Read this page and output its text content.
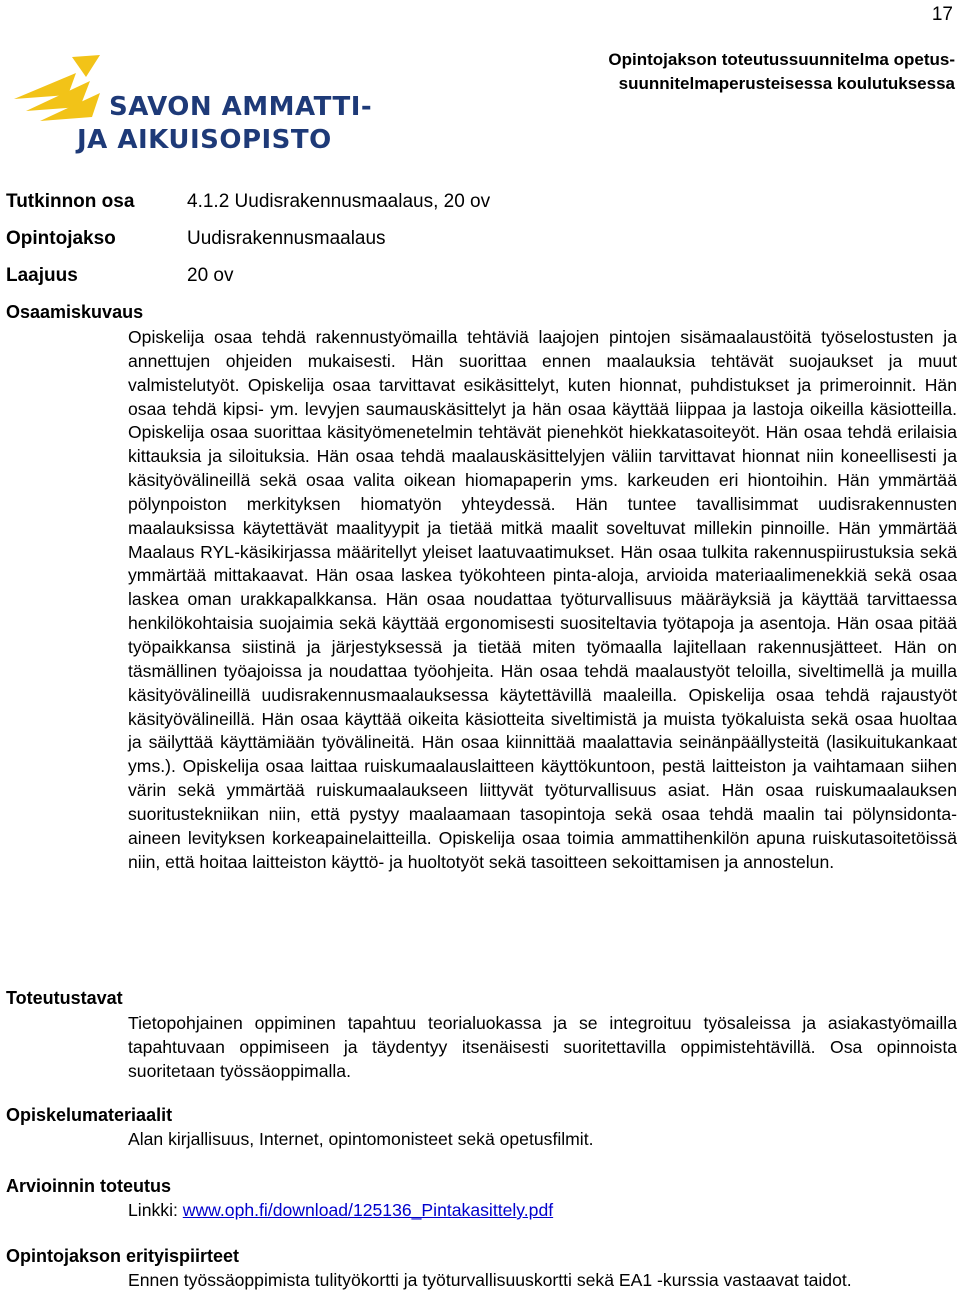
17
Opintojakson toteutussuunnitelma opetus-
suunnitelmaperusteisessa koulutuksessa
SAVON AMMATTI-
JA AIKUISOPISTO
Tutkinnon osa	4.1.2 Uudisrakennusmaalaus, 20 ov
Opintojakso	Uudisrakennusmaalaus
Laajuus	20 ov
Osaamiskuvaus
Opiskelija osaa tehdä rakennustyömailla tehtäviä laajojen pintojen sisämaalaustöitä työselostusten ja annettujen ohjeiden mukaisesti. Hän suorittaa ennen maalauksia tehtävät suojaukset ja muut valmistelutyöt. Opiskelija osaa tarvittavat esikäsittelyt, kuten hionnat, puhdistukset ja primeroinnit. Hän osaa tehdä kipsi- ym. levyjen saumauskäsittelyt ja hän osaa käyttää liippaa ja lastoja oikeilla käsiotteilla. Opiskelija osaa suorittaa käsityömenetelmin tehtävät pienehköt hiekkatasoiteyöt. Hän osaa tehdä erilaisia kittauksia ja siloituksia. Hän osaa tehdä maalauskäsittelyjen väliin tarvittavat hionnat niin koneellisesti ja käsityövälineillä sekä osaa valita oikean hiomapaperin yms. karkeuden eri hiontoihin. Hän ymmärtää pölynpoiston merkityksen hiomatyön yhteydessä. Hän tuntee tavallisimmat uudisrakennusten maalauksissa käytettävät maalityypit ja tietää mitkä maalit soveltuvat millekin pinnoille. Hän ymmärtää Maalaus RYL-käsikirjassa määritellyt yleiset laatuvaatimukset. Hän osaa tulkita rakennuspiirustuksia sekä ymmärtää mittakaavat. Hän osaa laskea työkohteen pinta-aloja, arvioida materiaalimenekkiä sekä osaa laskea oman urakkapalkkansa. Hän osaa noudattaa työturvallisuus määräyksiä ja käyttää tarvittaessa henkilökohtaisia suojaimia sekä käyttää ergonomisesti suositeltavia työtapoja ja asentoja. Hän osaa pitää työpaikkansa siistinä ja järjestyksessä ja tietää miten työmaalla lajitellaan rakennusjätteet. Hän on täsmällinen työajoissa ja noudattaa työohjeita. Hän osaa tehdä maalaustyöt teloilla, siveltimellä ja muilla käsityövälineillä uudisrakennusmaalauksessa käytettävillä maaleilla. Opiskelija osaa tehdä rajaustyöt käsityövälineillä. Hän osaa käyttää oikeita käsiotteita siveltimistä ja muista työkaluista sekä osaa huoltaa ja säilyttää käyttämiään työvälineitä. Hän osaa kiinnittää maalattavia seinänpäällysteitä (lasikuitukankaat yms.). Opiskelija osaa laittaa ruiskumaalauslaitteen käyttökuntoon, pestä laitteiston ja vaihtamaan siihen värin sekä ymmärtää ruiskumaalaukseen liittyvät työturvallisuus asiat. Hän osaa ruiskumaalauksen suoritustekniikan niin, että pystyy maalaamaan tasopintoja sekä osaa tehdä maalin tai pölynsidonta-aineen levityksen korkeapainelaitteilla. Opiskelija osaa toimia ammattihenkilön apuna ruiskutasoitetöissä niin, että hoitaa laitteiston käyttö- ja huoltotyöt sekä tasoitteen sekoittamisen ja annostelun.
Toteutustavat
Tietopohjainen oppiminen tapahtuu teorialuokassa ja se integroituu työsaleissa ja asiakastyömailla tapahtuvaan oppimiseen ja täydentyy itsenäisesti suoritettavilla oppimistehtävillä. Osa opinnoista suoritetaan työssäoppimalla.
Opiskelumateriaalit
Alan kirjallisuus, Internet, opintomonisteet sekä opetusfilmit.
Arvioinnin toteutus
Linkki: www.oph.fi/download/125136_Pintakasittely.pdf
Opintojakson erityispiirteet
Ennen työssäoppimista tulityökortti ja työturvallisuuskortti sekä EA1 -kurssia vastaavat taidot.
